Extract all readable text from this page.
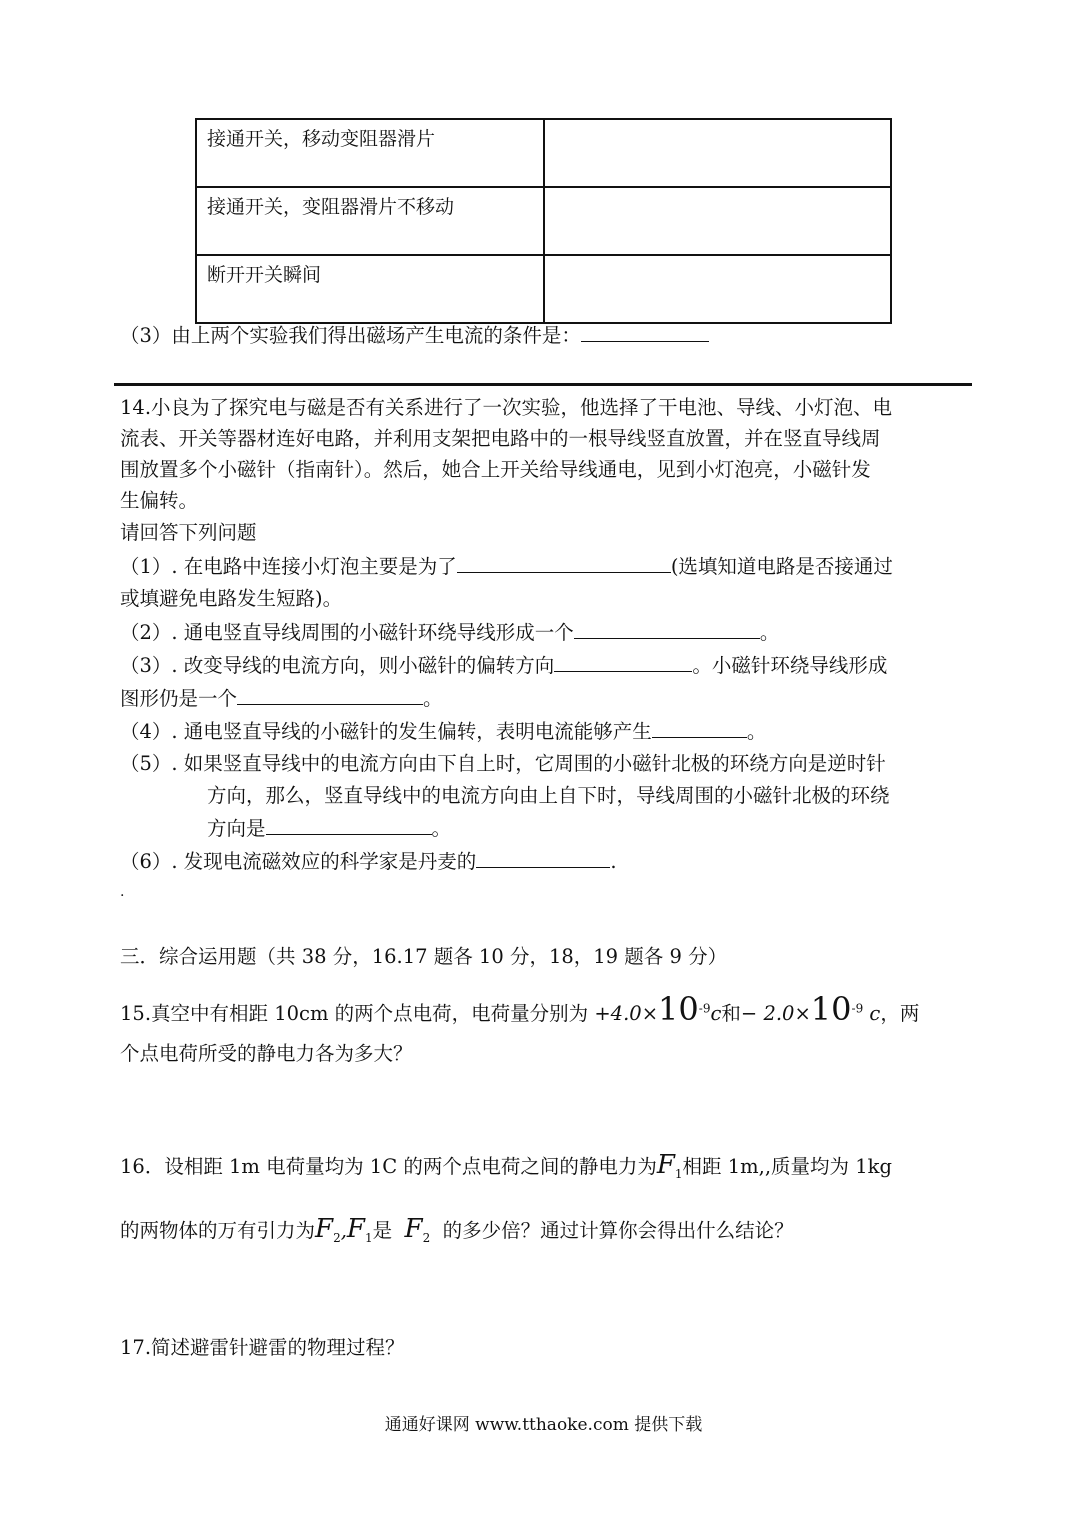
接通开关，移动变阻器滑片	
接通开关，变阻器滑片不移动	
断开开关瞬间	
（3）由上两个实验我们得出磁场产生电流的条件是：
14.小良为了探究电与磁是否有关系进行了一次实验，他选择了干电池、导线、小灯泡、电
流表、开关等器材连好电路，并利用支架把电路中的一根导线竖直放置，并在竖直导线周
围放置多个小磁针（指南针）。然后，她合上开关给导线通电，见到小灯泡亮，小磁针发
生偏转。
请回答下列问题
（1）. 在电路中连接小灯泡主要是为了	(选填知道电路是否接通过
或填避免电路发生短路)。
（2）. 通电竖直导线周围的小磁针环绕导线形成一个	。
（3）. 改变导线的电流方向，则小磁针的偏转方向	。小磁针环绕导线形成
图形仍是一个	。
（4）. 通电竖直导线的小磁针的发生偏转，表明电流能够产生	。
（5）. 如果竖直导线中的电流方向由下自上时，它周围的小磁针北极的环绕方向是逆时针
方向，那么，竖直导线中的电流方向由上自下时，导线周围的小磁针北极的环绕
方向是	。
（6）. 发现电流磁效应的科学家是丹麦的	.
.
三．综合运用题（共 38 分，16.17 题各 10 分，18，19 题各 9 分）
15.真空中有相距 10cm 的两个点电荷，电荷量分别为 $+4.0\times 10^{-9}c$和− $2.0\times 10^{-9}$ c，两
个点电荷所受的静电力各为多大？
16．设相距 1m 电荷量均为 1C 的两个点电荷之间的静电力为$F_1$相距 1m,,质量均为 1kg
的两物体的万有引力为$F_2,F_1$是 $F_2$ 的多少倍？通过计算你会得出什么结论？
17.简述避雷针避雷的物理过程？
通通好课网 www.tthaoke.com 提供下载
